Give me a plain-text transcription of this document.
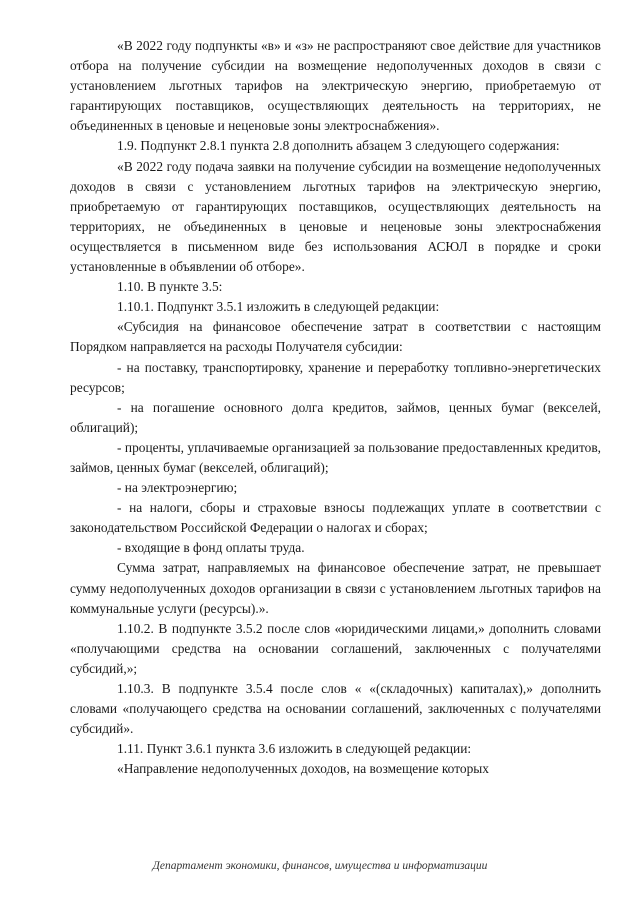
«В 2022 году подпункты «в» и «з» не распространяют свое действие для участников отбора на получение субсидии на возмещение недополученных доходов в связи с установлением льготных тарифов на электрическую энергию, приобретаемую от гарантирующих поставщиков, осуществляющих деятельность на территориях, не объединенных в ценовые и неценовые зоны электроснабжения».

1.9. Подпункт 2.8.1 пункта 2.8 дополнить абзацем 3 следующего содержания:

«В 2022 году подача заявки на получение субсидии на возмещение недополученных доходов в связи с установлением льготных тарифов на электрическую энергию, приобретаемую от гарантирующих поставщиков, осуществляющих деятельность на территориях, не объединенных в ценовые и неценовые зоны электроснабжения осуществляется в письменном виде без использования АСЮЛ в порядке и сроки установленные в объявлении об отборе».

1.10. В пункте 3.5:

1.10.1. Подпункт 3.5.1 изложить в следующей редакции:

«Субсидия на финансовое обеспечение затрат в соответствии с настоящим Порядком направляется на расходы Получателя субсидии:

- на поставку, транспортировку, хранение и переработку топливно-энергетических ресурсов;

- на погашение основного долга кредитов, займов, ценных бумаг (векселей, облигаций);

- проценты, уплачиваемые организацией за пользование предоставленных кредитов, займов, ценных бумаг (векселей, облигаций);

- на электроэнергию;

- на налоги, сборы и страховые взносы подлежащих уплате в соответствии с законодательством Российской Федерации о налогах и сборах;

- входящие в фонд оплаты труда.

Сумма затрат, направляемых на финансовое обеспечение затрат, не превышает сумму недополученных доходов организации в связи с установлением льготных тарифов на коммунальные услуги (ресурсы).».

1.10.2. В подпункте 3.5.2 после слов «юридическими лицами,» дополнить словами «получающими средства на основании соглашений, заключенных с получателями субсидий,»;

1.10.3. В подпункте 3.5.4 после слов « «(складочных) капиталах),» дополнить словами «получающего средства на основании соглашений, заключенных с получателями субсидий».

1.11. Пункт 3.6.1 пункта 3.6 изложить в следующей редакции:

«Направление недополученных доходов, на возмещение которых

Департамент экономики, финансов, имущества и информатизации
